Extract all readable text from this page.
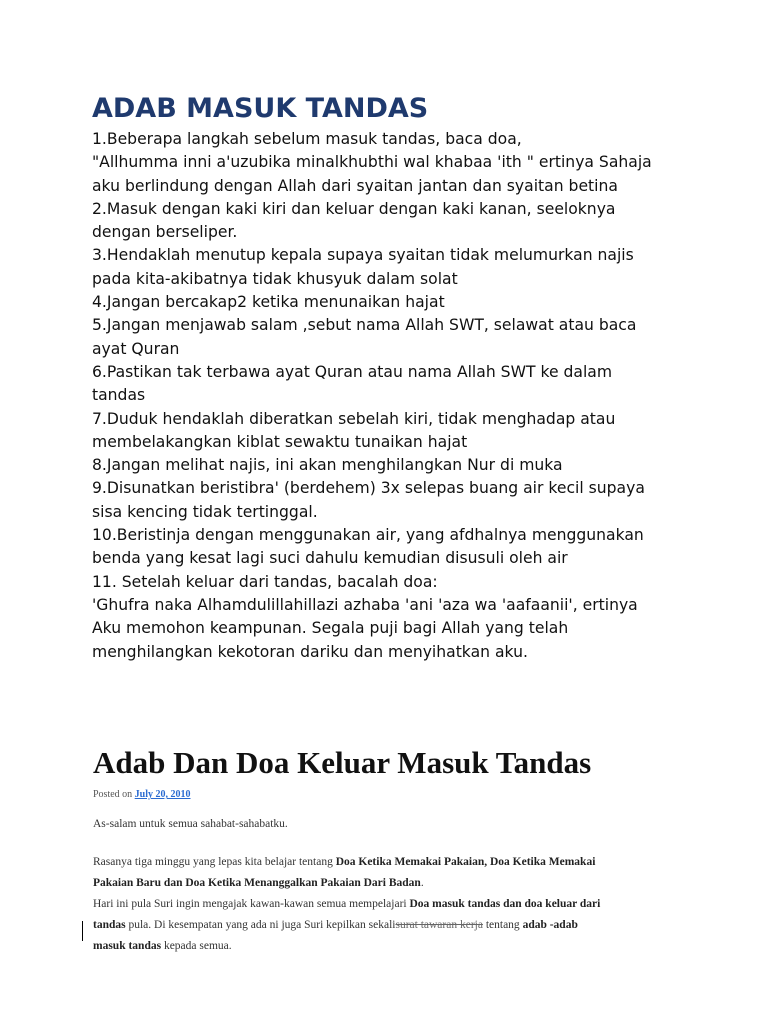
ADAB MASUK TANDAS
1.Beberapa langkah sebelum masuk tandas, baca doa,
"Allhumma inni a'uzubika minalkhubthi wal khabaa 'ith " ertinya Sahaja
aku berlindung dengan Allah dari syaitan jantan dan syaitan betina
2.Masuk dengan kaki kiri dan keluar dengan kaki kanan, seeloknya
dengan berseliper.
3.Hendaklah menutup kepala supaya syaitan tidak melumurkan najis
pada kita-akibatnya tidak khusyuk dalam solat
4.Jangan bercakap2 ketika menunaikan hajat
5.Jangan menjawab salam ,sebut nama Allah SWT, selawat atau baca
ayat Quran
6.Pastikan tak terbawa ayat Quran atau nama Allah SWT ke dalam
tandas
7.Duduk hendaklah diberatkan sebelah kiri, tidak menghadap atau
membelakangkan kiblat sewaktu tunaikan hajat
8.Jangan melihat najis, ini akan menghilangkan Nur di muka
9.Disunatkan beristibra' (berdehem) 3x selepas buang air kecil supaya
sisa kencing tidak tertinggal.
10.Beristinja dengan menggunakan air, yang afdhalnya menggunakan
benda yang kesat lagi suci dahulu kemudian disusuli oleh air
11. Setelah keluar dari tandas, bacalah doa:
'Ghufra naka Alhamdulillahillazi azhaba 'ani 'aza wa 'aafaanii', ertinya
Aku memohon keampunan. Segala puji bagi Allah yang telah
menghilangkan kekotoran dariku dan menyihatkan aku.
Adab Dan Doa Keluar Masuk Tandas
Posted on July 20, 2010
As-salam untuk semua sahabat-sahabatku.
Rasanya tiga minggu yang lepas kita belajar tentang Doa Ketika Memakai Pakaian, Doa Ketika Memakai
Pakaian Baru dan Doa Ketika Menanggalkan Pakaian Dari Badan.
Hari ini pula Suri ingin mengajak kawan-kawan semua mempelajari Doa masuk tandas dan doa keluar dari
tandas pula. Di kesempatan yang ada ni juga Suri kepilkan sekalisurat tawaran kerja tentang adab -adab
masuk tandas kepada semua.
